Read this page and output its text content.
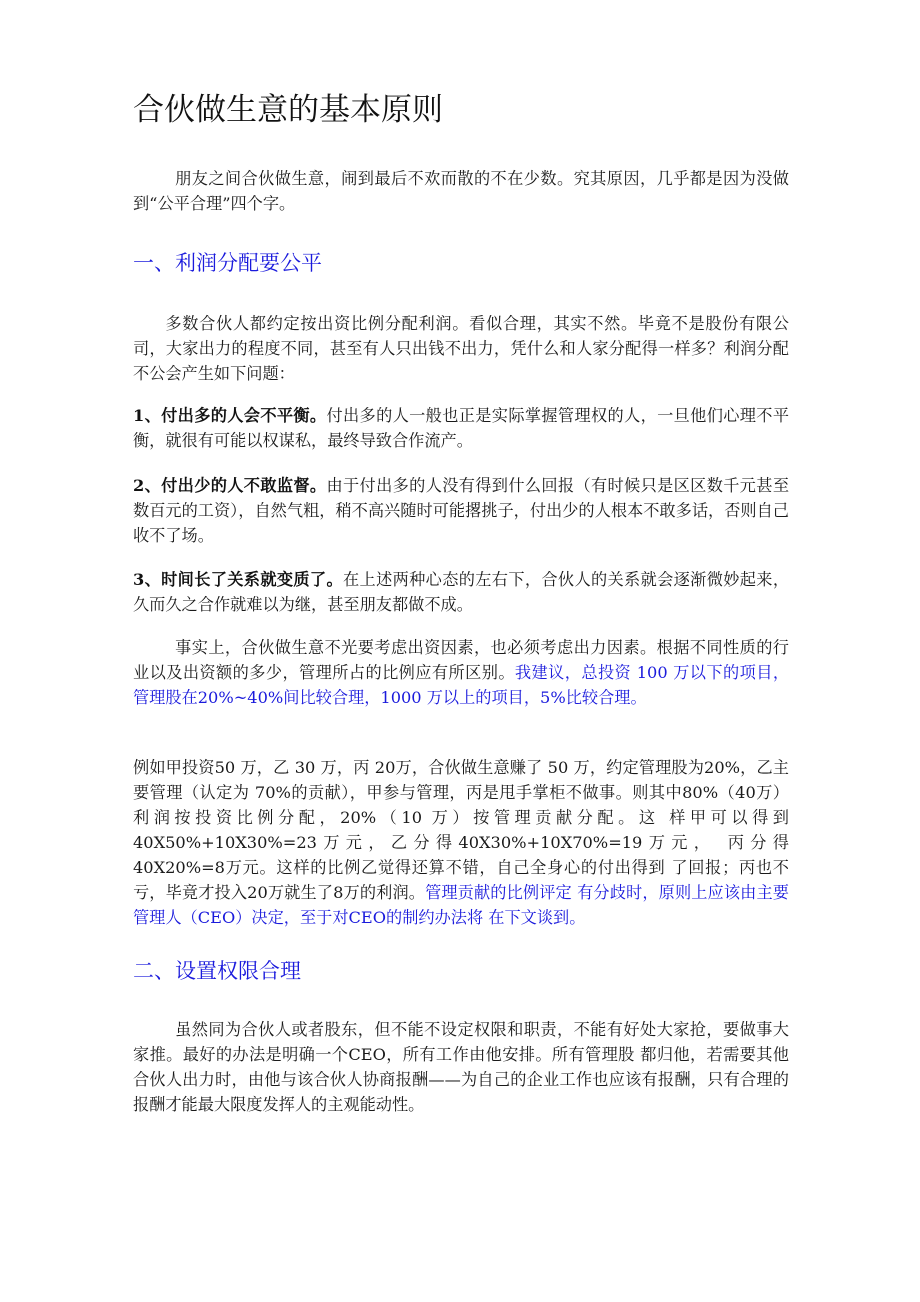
合伙做生意的基本原则

朋友之间合伙做生意，闹到最后不欢而散的不在少数。究其原因，几乎都是因为没做到“公平合理”四个字。

一、利润分配要公平

多数合伙人都约定按出资比例分配利润。看似合理，其实不然。毕竟不是股份有限公司，大家出力的程度不同，甚至有人只出钱不出力，凭什么和人家分配得一样多？利润分配不公会产生如下问题：

1、付出多的人会不平衡。付出多的人一般也正是实际掌握管理权的人，一旦他们心理不平衡，就很有可能以权谋私，最终导致合作流产。

2、付出少的人不敢监督。由于付出多的人没有得到什么回报（有时候只是区区数千元甚至数百元的工资），自然气粗，稍不高兴随时可能撂挑子，付出少的人根本不敢多话，否则自己收不了场。

3、时间长了关系就变质了。在上述两种心态的左右下，合伙人的关系就会逐渐微妙起来，久而久之合作就难以为继，甚至朋友都做不成。

事实上，合伙做生意不光要考虑出资因素，也必须考虑出力因素。根据不同性质的行业以及出资额的多少，管理所占的比例应有所区别。我建议，总投资 100 万以下的项目，管理股在20%~40%间比较合理，1000 万以上的项目，5%比较合理。

例如甲投资50 万，乙 30 万，丙 20万，合伙做生意赚了 50 万，约定管理股为20%，乙主要管理（认定为 70%的贡献），甲参与管理，丙是甩手掌柜不做事。则其中80%（40万）利润按投资比例分配，20%（10 万）按管理贡献分配。这 样甲可以得到40X50%+10X30%=23万元，乙分得40X30%+10X70%=19万元， 丙分得40X20%=8万元。这样的比例乙觉得还算不错，自己全身心的付出得到 了回报；丙也不亏，毕竟才投入20万就生了8万的利润。管理贡献的比例评定 有分歧时，原则上应该由主要管理人（CEO）决定，至于对CEO的制约办法将 在下文谈到。

二、设置权限合理

虽然同为合伙人或者股东，但不能不设定权限和职责，不能有好处大家抢，要做事大家推。最好的办法是明确一个CEO，所有工作由他安排。所有管理股 都归他，若需要其他合伙人出力时，由他与该合伙人协商报酬——为自己的企业工作也应该有报酬，只有合理的报酬才能最大限度发挥人的主观能动性。
